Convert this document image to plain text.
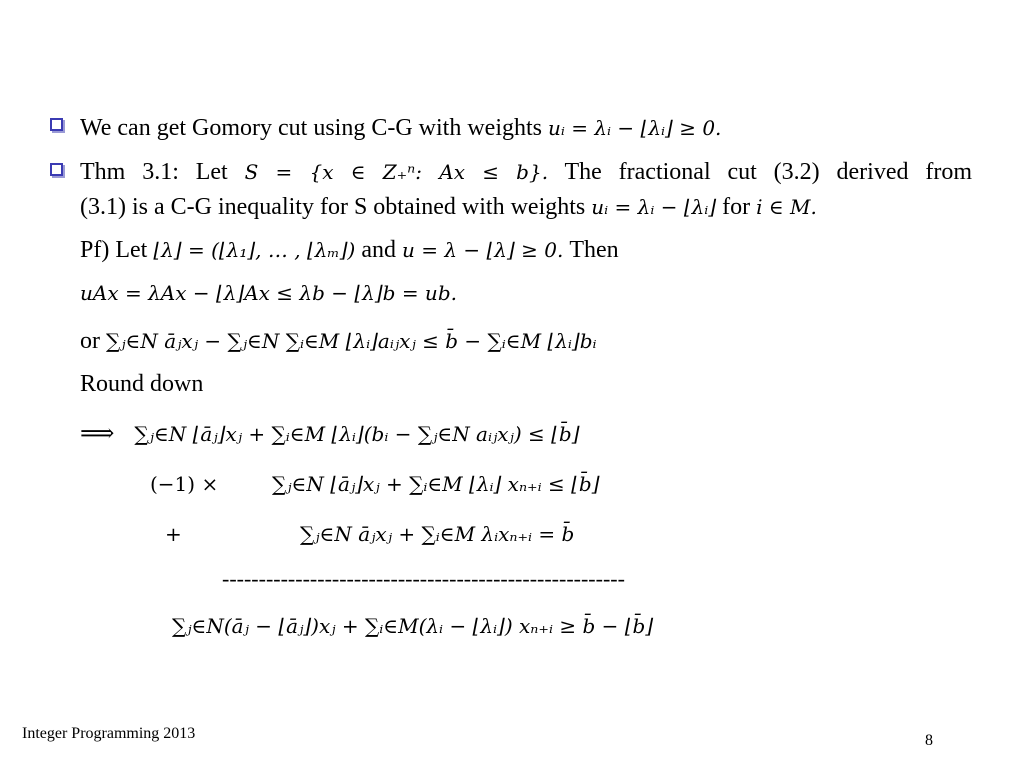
We can get Gomory cut using C-G with weights uᵢ = λᵢ − ⌊λᵢ⌋ ≥ 0.
Thm 3.1: Let S = {x ∈ Z₊ⁿ: Ax ≤ b}. The fractional cut (3.2) derived from
(3.1) is a C-G inequality for S obtained with weights uᵢ = λᵢ − ⌊λᵢ⌋ for i ∈ M.
Pf) Let ⌊λ⌋ = (⌊λ₁⌋, … , ⌊λₘ⌋) and u = λ − ⌊λ⌋ ≥ 0. Then
uAx = λAx − ⌊λ⌋Ax ≤ λb − ⌊λ⌋b = ub.
or ∑ⱼ∈N āⱼxⱼ − ∑ⱼ∈N ∑ᵢ∈M ⌊λᵢ⌋aᵢⱼxⱼ ≤ b̄ − ∑ᵢ∈M ⌊λᵢ⌋bᵢ
Round down
⟹ ∑ⱼ∈N ⌊āⱼ⌋xⱼ + ∑ᵢ∈M ⌊λᵢ⌋(bᵢ − ∑ⱼ∈N aᵢⱼxⱼ) ≤ ⌊b̄⌋
(−1) ×	∑ⱼ∈N ⌊āⱼ⌋xⱼ + ∑ᵢ∈M ⌊λᵢ⌋ xₙ₊ᵢ ≤ ⌊b̄⌋
+	∑ⱼ∈N āⱼxⱼ + ∑ᵢ∈M λᵢxₙ₊ᵢ = b̄
-------------------------------------------------------
∑ⱼ∈N(āⱼ − ⌊āⱼ⌋)xⱼ + ∑ᵢ∈M(λᵢ − ⌊λᵢ⌋) xₙ₊ᵢ ≥ b̄ − ⌊b̄⌋
Integer Programming 2013	8
